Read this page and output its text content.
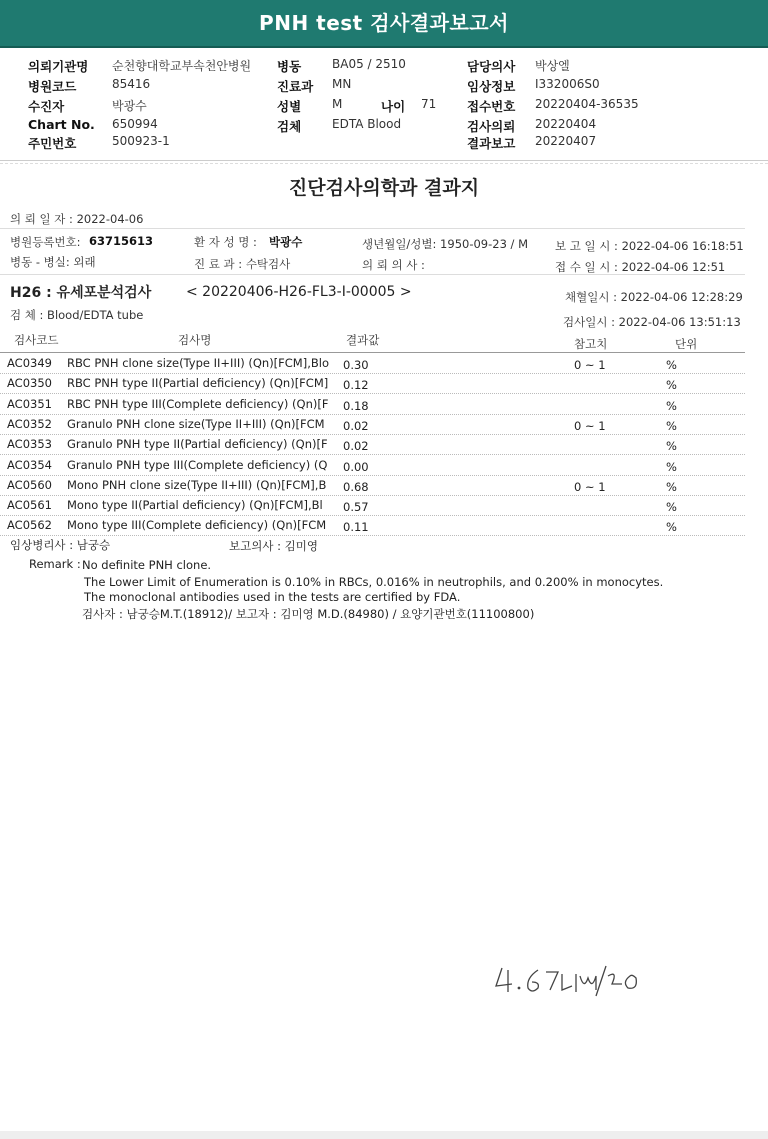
PNH test 검사결과보고서
의뢰기관명 순천향대학교부속천안병원
병원코드	85416
수진자	박광수
Chart No. 650994
주민번호	500923-1
병동	BA05 / 2510
진료과 MN
성별	M	나이 71
검체	EDTA Blood
담당의사 박상엘
임상정보 I332006S0
접수번호 20220404-36535
검사의뢰 20220404
결과보고 20220407
진단검사의학과 결과지
의 뢰 일 자 : 2022-04-06
병원등록번호: 63715613	환 자 성 명 : 박광수	생년월일/성별: 1950-09-23 / M 보 고 일 시 : 2022-04-06 16:18:51
병동 - 병실: 외래	진 료 과 : 수탁검사	의 뢰 의 사 :	접 수 일 시 : 2022-04-06 12:51
H26 : 유세포분석검사 < 20220406-H26-FL3-I-00005 >	채혈일시 : 2022-04-06 12:28:29
검 체 : Blood/EDTA tube	검사일시 : 2022-04-06 13:51:13
검사코드	검사명	결과값	참고치	단위
AC0349 RBC PNH clone size(Type II+III) (Qn)[FCM],Blo	0.30	0 ~ 1	%
AC0350 RBC PNH type II(Partial deficiency) (Qn)[FCM]	0.12	%
AC0351 RBC PNH type III(Complete deficiency) (Qn)[F	0.18	%
AC0352 Granulo PNH clone size(Type II+III) (Qn)[FCM	0.02	0 ~ 1	%
AC0353 Granulo PNH type II(Partial deficiency) (Qn)[F	0.02	%
AC0354 Granulo PNH type III(Complete deficiency) (Q	0.00	%
AC0560 Mono PNH clone size(Type II+III) (Qn)[FCM],B	0.68	0 ~ 1	%
AC0561 Mono type II(Partial deficiency) (Qn)[FCM],Bl	0.57	%
AC0562 Mono type III(Complete deficiency) (Qn)[FCM	0.11	%
임상병리사 : 남궁승	보고의사 : 김미영
Remark : No definite PNH clone.
The Lower Limit of Enumeration is 0.10% in RBCs, 0.016% in neutrophils, and 0.200% in monocytes.
The monoclonal antibodies used in the tests are certified by FDA.
검사자 : 남궁승M.T.(18912)/ 보고자 : 김미영 M.D.(84980) / 요양기관번호(11100800)
